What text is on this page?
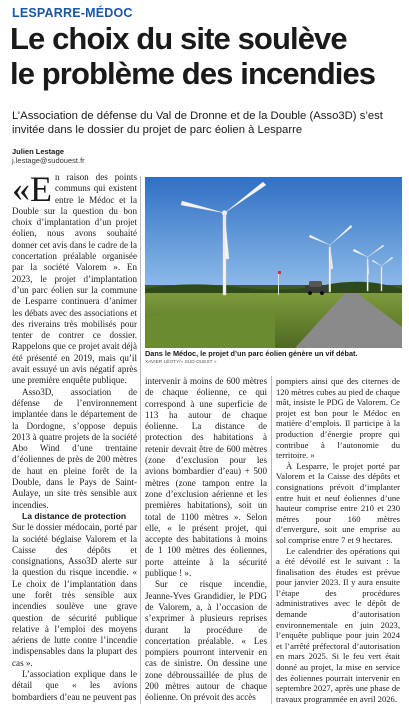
LESPARRE-MÉDOC
Le choix du site soulève
le problème des incendies
L’Association de défense du Val de Dronne et de la Double (Asso3D) s’est invitée dans le dossier du projet de parc éolien à Lesparre
Julien Lestage
j.lestage@sudouest.fr

«En raison des points communs qui existent entre le Médoc et la Double sur la question du bon choix d’implantation d’un projet éolien, nous avons souhaité donner cet avis dans le cadre de la concertation préalable organisée par la société Valorem ». En 2023, le projet d’implantation d’un parc éolien sur la commune de Lesparre continuera d’animer les débats avec des associations et des riverains très mobilisés pour tenter de contrer ce dossier. Rappelons que ce projet avait déjà été présenté en 2019, mais qu’il avait essuyé un avis négatif après une première enquête publique.

Asso3D, association de défense de l’environnement implantée dans le département de la Dordogne, s’oppose depuis 2013 à quatre projets de la société Abo Wind d’une trentaine d’éoliennes de près de 200 mètres de haut en pleine forêt de la Double, dans le Pays de Saint-Aulaye, un site très sensible aux incendies.

La distance de protection

Sur le dossier médocain, porté par la société béglaise Valorem et la Caisse des dépôts et consignations, Asso3D alerte sur la question du risque incendie. « Le choix de l’implantation dans une forêt très sensible aux incendies soulève une grave question de sécurité publique relative à l’emploi des moyens aériens de lutte contre l’incendie indispensables dans la plupart des cas ».

L’association explique dans le détail que « les avions bombardiers d’eau ne peuvent pas

Dans le Médoc, le projet d’un parc éolien génère un vif débat.
XAVIER LÉOTY/« SUD OUEST »

intervenir à moins de 600 mètres de chaque éolienne, ce qui correspond à une superficie de 113 ha autour de chaque éolienne. La distance de protection des habitations à retenir devrait être de 600 mètres (zone d’exclusion pour les avions bombardier d’eau) + 500 mètres (zone tampon entre la zone d’exclusion aérienne et les premières habitations), soit un total de 1100 mètres ». Selon elle, « le présent projet, qui accepte des habitations à moins de 1 100 mètres des éoliennes, porte atteinte à la sécurité publique ! ».

Sur ce risque incendie, Jeanne-Yves Grandidier, le PDG de Valorem, a, à l’occasion de s’exprimer à plusieurs reprises durant la procédure de concertation préalable. « Les pompiers pourront intervenir en cas de sinistre. On dessine une zone débroussaillée de plus de 200 mètres autour de chaque éolienne. On prévoit des accès

pompiers ainsi que des citernes de 120 mètres cubes au pied de chaque mât, insiste le PDG de Valorem. Ce projet est bon pour le Médoc en matière d’emplois. Il participe à la production d’énergie propre qui contribue à l’autonomie du territoire. »

À Lesparre, le projet porté par Valorem et la Caisse des dépôts et consignations prévoit d’implanter entre huit et neuf éoliennes d’une hauteur comprise entre 210 et 230 mètres pour 160 mètres d’envergure, soit une emprise au sol comprise entre 7 et 9 hectares.

Le calendrier des opérations qui a été dévoilé est le suivant : la finalisation des études est prévue pour janvier 2023. Il y aura ensuite l’étape des procédures administratives avec le dépôt de demande d’autorisation environnementale en juin 2023, l’enquête publique pour juin 2024 et l’arrêté préfectoral d’autorisation en mars 2025. Si le feu vert était donné au projet, la mise en service des éoliennes pourrait intervenir en septembre 2027, après une phase de travaux programmée en avril 2026.
